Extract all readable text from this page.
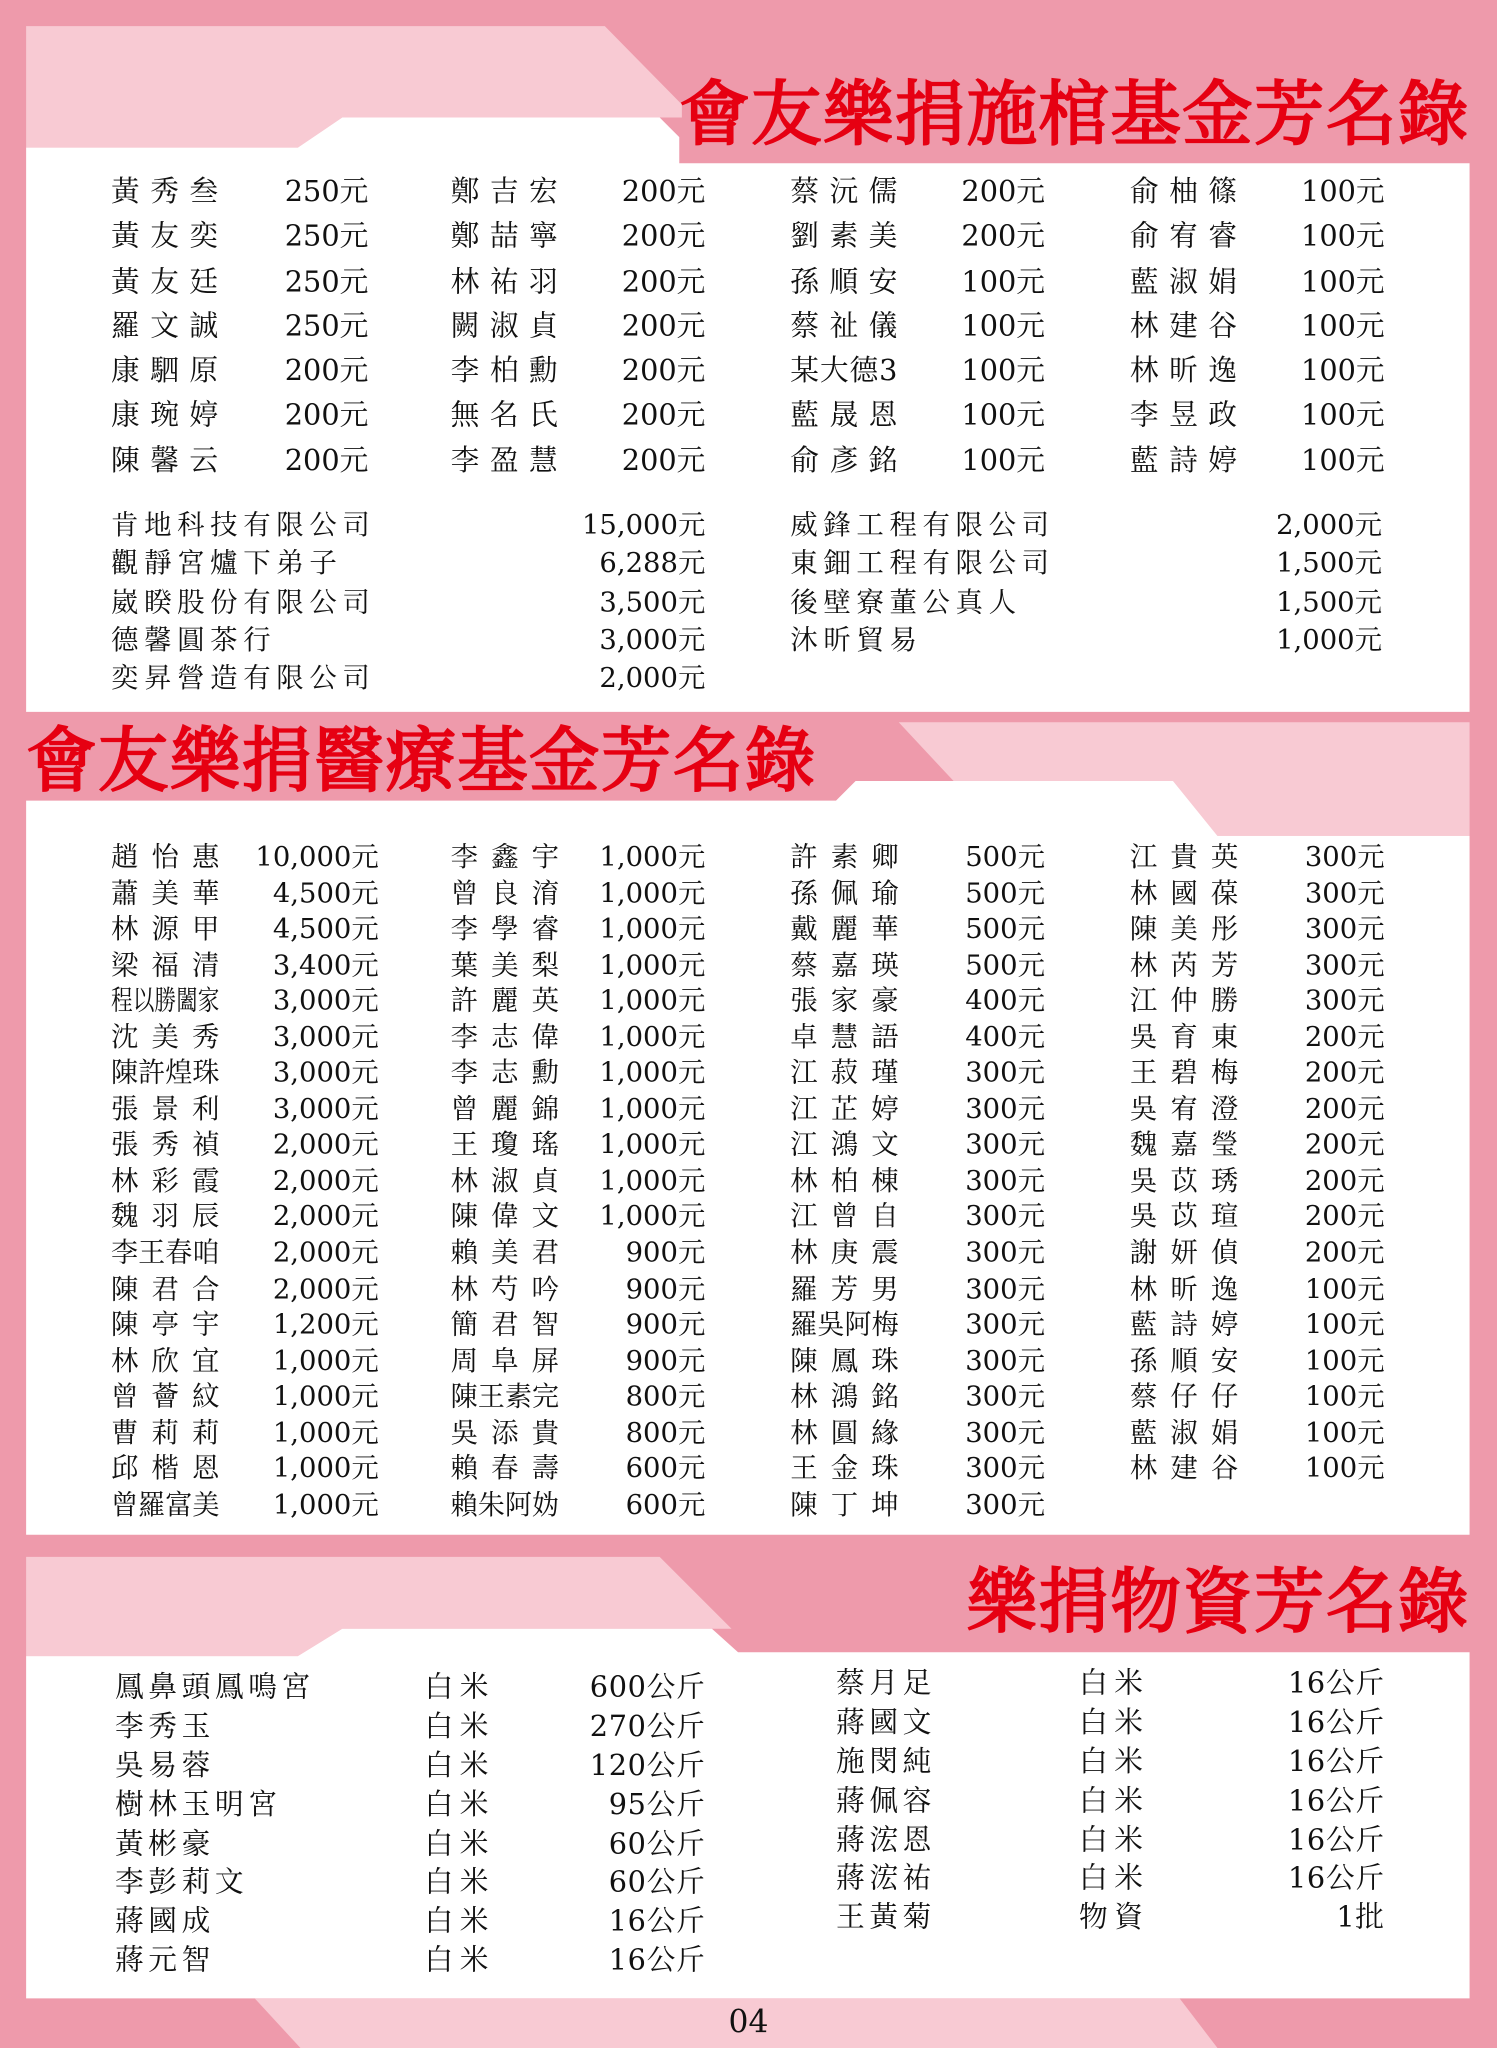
會友樂捐施棺基金芳名錄
黃秀叁	250元
黃友奕	250元
黃友廷	250元
羅文誠	250元
康駟原	200元
康琬婷	200元
陳馨云	200元
鄭吉宏 200元
鄭喆寧 200元
林祐羽 200元
闕淑貞 200元
李柏勳 200元
無名氏 200元
李盈慧 200元
蔡沅儒 200元
劉素美 200元
孫順安 100元
蔡祉儀 100元
某大德3	100元
藍晟恩 100元
俞彥銘 100元
俞柚篠 100元
俞宥睿 100元
藍淑娟 100元
林建谷 100元
林昕逸 100元
李昱政 100元
藍詩婷 100元
肯地科技有限公司	15,000元
觀靜宮爐下弟子	6,288元
崴睽股份有限公司	3,500元
德馨圓茶行	3,000元
奕昇營造有限公司	2,000元
威鋒工程有限公司	2,000元
東鈿工程有限公司	1,500元
後壁寮董公真人	1,500元
沐昕貿易	1,000元
會友樂捐醫療基金芳名錄
趙怡惠 10,000元
蕭美華 4,500元
林源甲 4,500元
梁福清 3,400元
程以勝闔家	3,000元
沈美秀 3,000元
陳許煌珠	3,000元
張景利 3,000元
張秀禎 2,000元
林彩霞 2,000元
魏羽辰 2,000元
李王春咱	2,000元
陳君合 2,000元
陳亭宇 1,200元
林欣宜 1,000元
曾薈紋 1,000元
曹莉莉 1,000元
邱楷恩 1,000元
曾羅富美	1,000元
李鑫宇 1,000元
曾良淯 1,000元
李學睿 1,000元
葉美梨 1,000元
許麗英 1,000元
李志偉 1,000元
李志勳 1,000元
曾麗錦 1,000元
王瓊瑤 1,000元
林淑貞 1,000元
陳偉文 1,000元
賴美君	900元
林芍吟	900元
簡君智	900元
周阜屏	900元
陳王素完	800元
吳添貴	800元
賴春壽	600元
賴朱阿妫	600元
許素卿	500元
孫佩瑜	500元
戴麗華	500元
蔡嘉瑛	500元
張家豪	400元
卓慧語	400元
江菽瑾	300元
江芷婷	300元
江鴻文	300元
林柏棟	300元
江曾自	300元
林庚震	300元
羅芳男	300元
羅吳阿梅	300元
陳鳳珠	300元
林鴻銘	300元
林圓緣	300元
王金珠	300元
陳丁坤	300元
江貴英	300元
林國葆	300元
陳美彤	300元
林芮芳	300元
江仲勝	300元
吳育東	200元
王碧梅	200元
吳宥澄	200元
魏嘉瑩	200元
吳苡琇	200元
吳苡瑄	200元
謝妍偵	200元
林昕逸	100元
藍詩婷	100元
孫順安	100元
蔡仔仔	100元
藍淑娟	100元
林建谷	100元
樂捐物資芳名錄
鳳鼻頭鳳鳴宮	白米	600公斤
李秀玉	白米	270公斤
吳易蓉	白米	120公斤
樹林玉明宮	白米	95公斤
黃彬豪	白米	60公斤
李彭莉文	白米	60公斤
蔣國成	白米	16公斤
蔣元智	白米	16公斤
蔡月足	白米	16公斤
蔣國文	白米	16公斤
施閔純	白米	16公斤
蔣佩容	白米	16公斤
蔣浤恩	白米	16公斤
蔣浤祐	白米	16公斤
王黃菊	物資	1批
04
